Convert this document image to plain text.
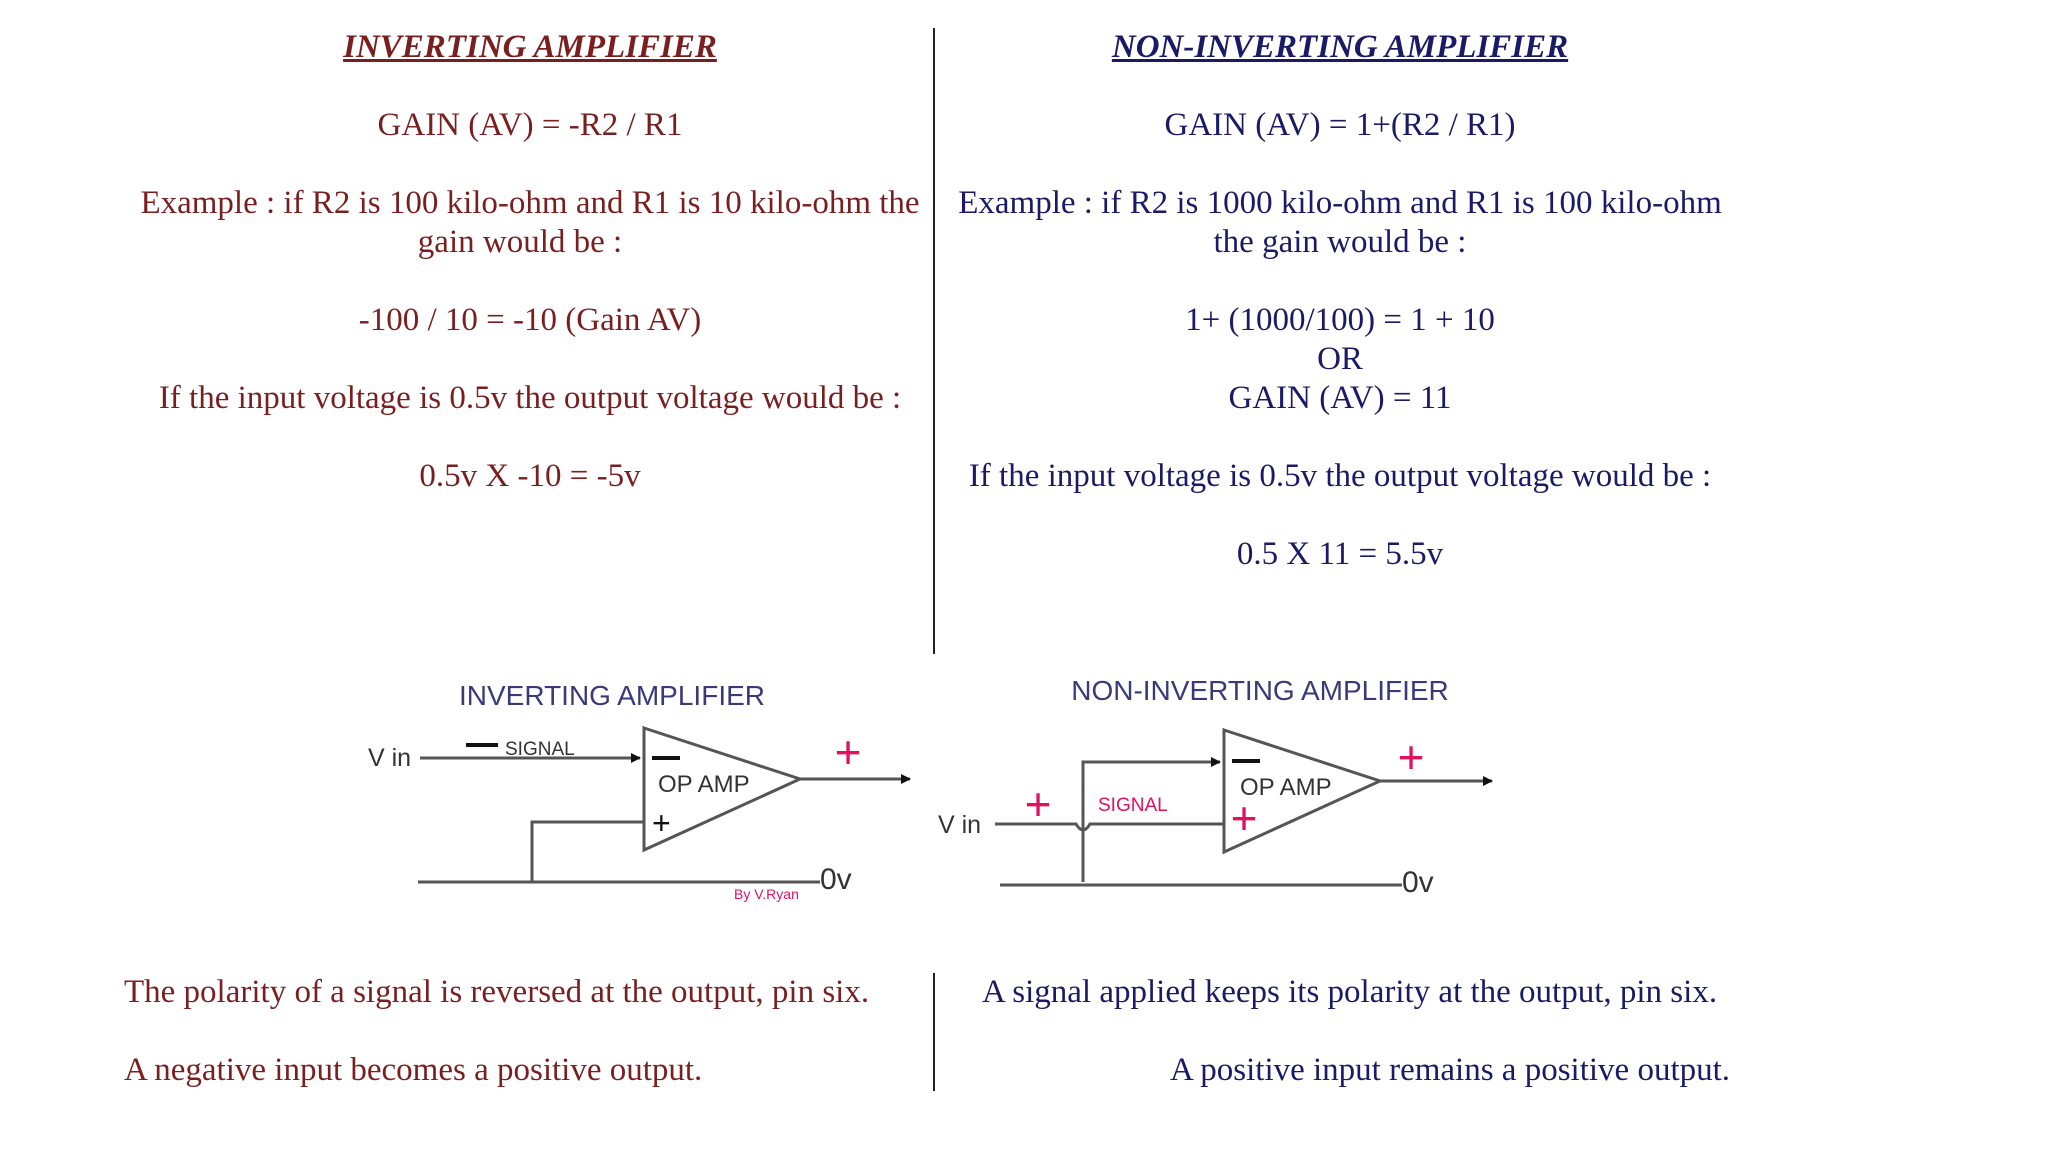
INVERTING AMPLIFIER
GAIN (AV) = -R2 / R1
Example : if R2 is 100 kilo-ohm and R1 is 10 kilo-ohm the
gain would be :
-100 / 10 = -10 (Gain AV)
If the input voltage is 0.5v the output voltage would be :
0.5v X -10 = -5v
NON-INVERTING AMPLIFIER
GAIN (AV) = 1+(R2 / R1)
Example : if R2 is 1000 kilo-ohm and R1 is 100 kilo-ohm
the gain would be :
1+ (1000/100) = 1 + 10
OR
GAIN (AV) = 11
If the input voltage is 0.5v the output voltage would be :
0.5 X 11 = 5.5v
The polarity of a signal is reversed at the output, pin six.
A negative input becomes a positive output.
A signal applied keeps its polarity at the output, pin six.
A positive input remains a positive output.
INVERTING AMPLIFIER
V in	SIGNAL
OP AMP
+
+
0v
By V.Ryan
NON-INVERTING AMPLIFIER
OP AMP
+
V in + SIGNAL
+
0v
